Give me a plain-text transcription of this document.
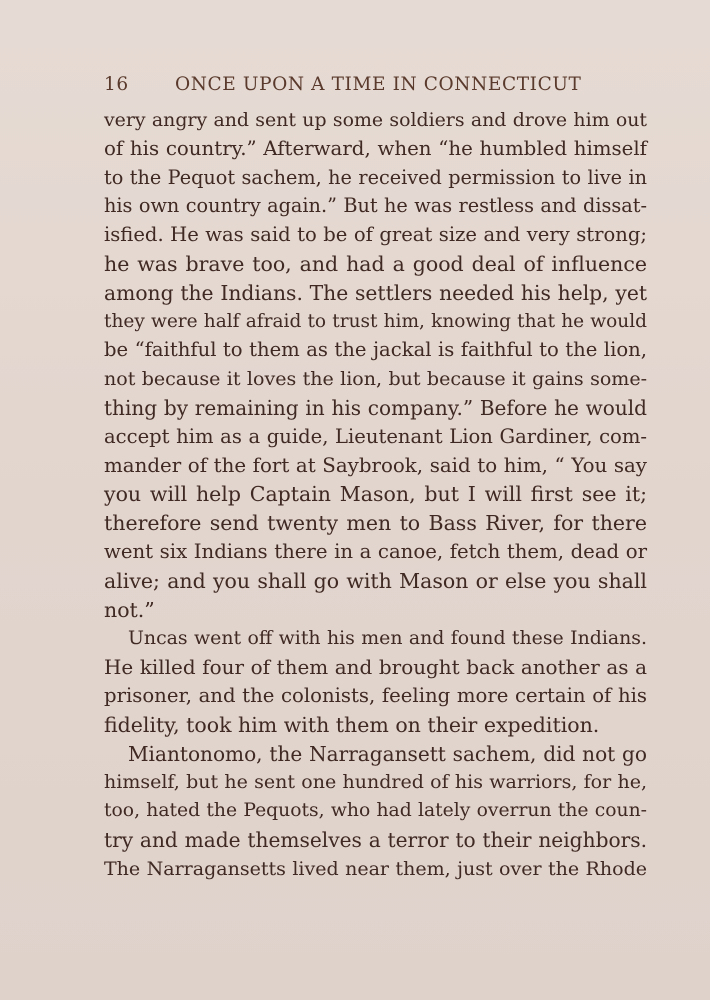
16	ONCE UPON A TIME IN CONNECTICUT
very angry and sent up some soldiers and drove him out
of his country.” Afterward, when “he humbled himself
to the Pequot sachem, he received permission to live in
his own country again.” But he was restless and dissat-
isfied. He was said to be of great size and very strong;
he was brave too, and had a good deal of influence
among the Indians. The settlers needed his help, yet
they were half afraid to trust him, knowing that he would
be “faithful to them as the jackal is faithful to the lion,
not because it loves the lion, but because it gains some-
thing by remaining in his company.” Before he would
accept him as a guide, Lieutenant Lion Gardiner, com-
mander of the fort at Saybrook, said to him, “ You say
you will help Captain Mason, but I will first see it;
therefore send twenty men to Bass River, for there
went six Indians there in a canoe, fetch them, dead or
alive; and you shall go with Mason or else you shall
not.”
Uncas went off with his men and found these Indians.
He killed four of them and brought back another as a
prisoner, and the colonists, feeling more certain of his
fidelity, took him with them on their expedition.
Miantonomo, the Narragansett sachem, did not go
himself, but he sent one hundred of his warriors, for he,
too, hated the Pequots, who had lately overrun the coun-
try and made themselves a terror to their neighbors.
The Narragansetts lived near them, just over the Rhode
